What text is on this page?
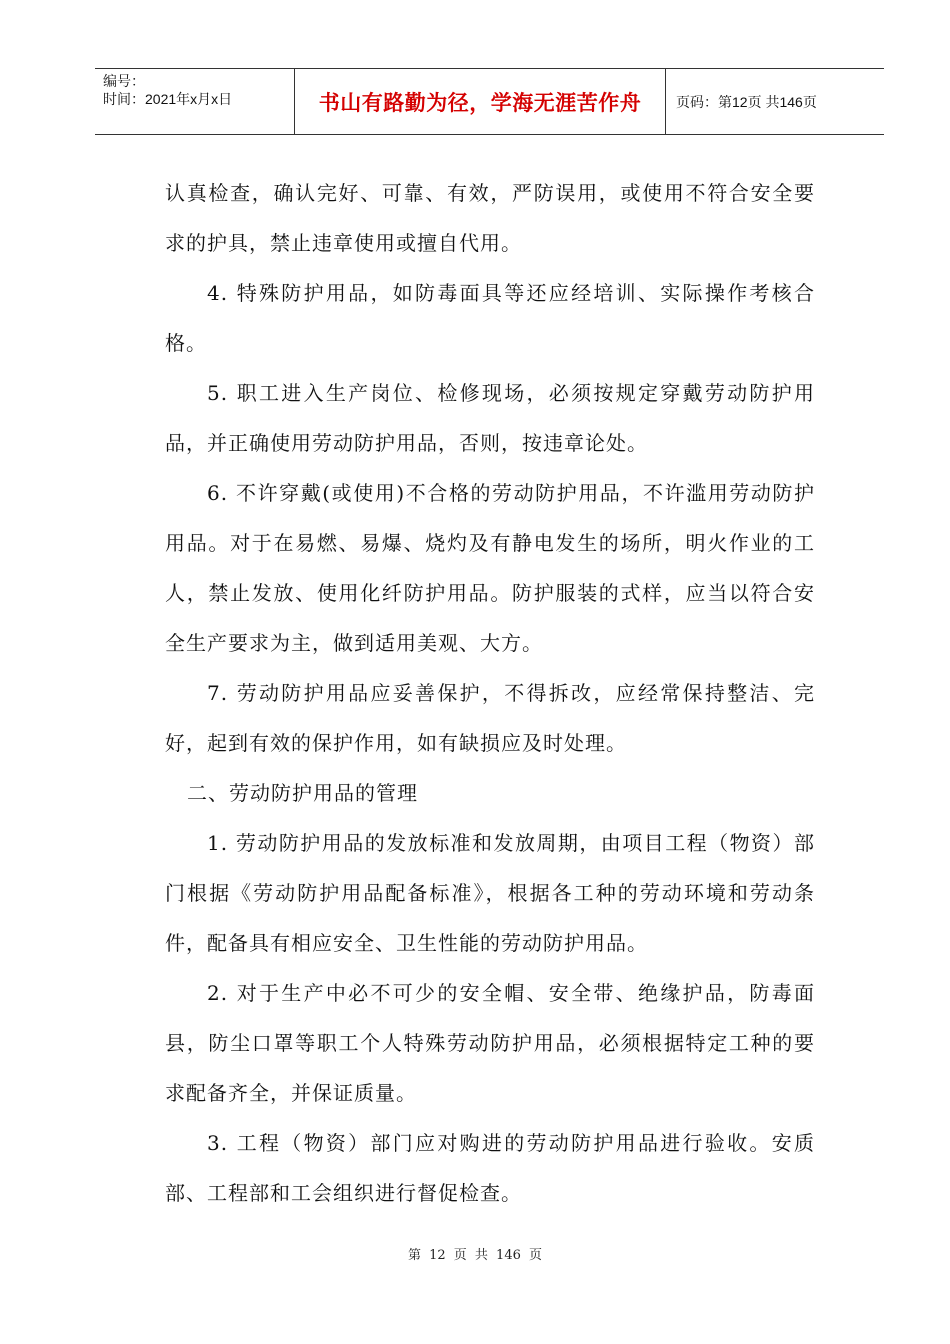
编号：
时间：2021年x月x日	书山有路勤为径，学海无涯苦作舟	页码：第12页 共146页

认真检查，确认完好、可靠、有效，严防误用，或使用不符合安全要求的护具，禁止违章使用或擅自代用。

4. 特殊防护用品，如防毒面具等还应经培训、实际操作考核合格。

5. 职工进入生产岗位、检修现场，必须按规定穿戴劳动防护用品，并正确使用劳动防护用品，否则，按违章论处。

6. 不许穿戴(或使用)不合格的劳动防护用品，不许滥用劳动防护用品。对于在易燃、易爆、烧灼及有静电发生的场所，明火作业的工人，禁止发放、使用化纤防护用品。防护服装的式样，应当以符合安全生产要求为主，做到适用美观、大方。

7. 劳动防护用品应妥善保护，不得拆改，应经常保持整洁、完好，起到有效的保护作用，如有缺损应及时处理。

二、劳动防护用品的管理

1. 劳动防护用品的发放标准和发放周期，由项目工程（物资）部门根据《劳动防护用品配备标准》，根据各工种的劳动环境和劳动条件，配备具有相应安全、卫生性能的劳动防护用品。

2. 对于生产中必不可少的安全帽、安全带、绝缘护品，防毒面县，防尘口罩等职工个人特殊劳动防护用品，必须根据特定工种的要求配备齐全，并保证质量。

3. 工程（物资）部门应对购进的劳动防护用品进行验收。安质部、工程部和工会组织进行督促检查。

第 12 页 共 146 页
